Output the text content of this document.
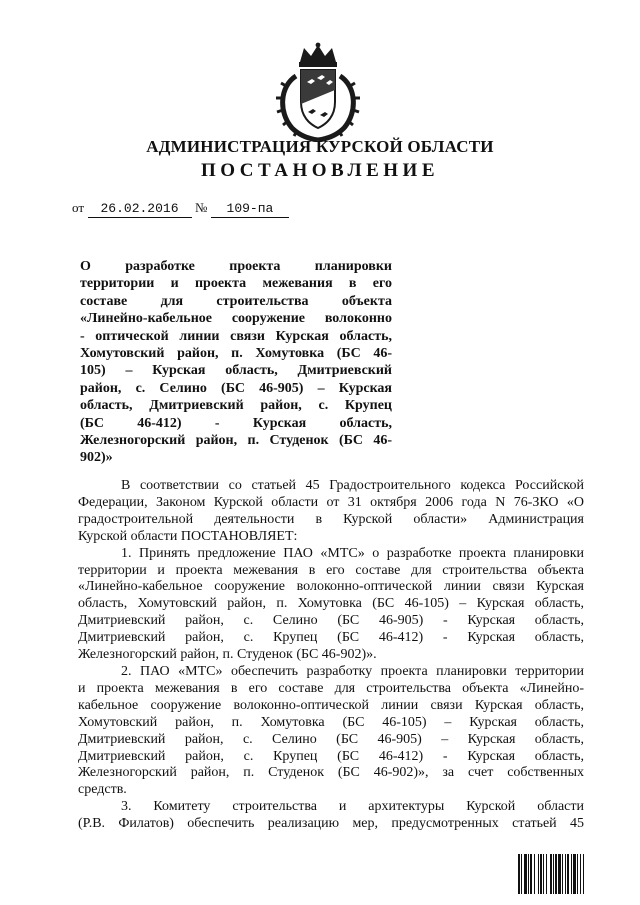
АДМИНИСТРАЦИЯ КУРСКОЙ ОБЛАСТИ
ПОСТАНОВЛЕНИЕ
от 26.02.2016 № 109-па
О разработке проекта планировки
территории и проекта межевания в его
составе для строительства объекта
«Линейно-кабельное сооружение волоконно
- оптической линии связи Курская область,
Хомутовский район, п. Хомутовка (БС 46-
105) – Курская область, Дмитриевский
район, с. Селино (БС 46-905) – Курская
область, Дмитриевский район, с. Крупец
(БС 46-412) - Курская область,
Железногорский район, п. Студенок (БС 46-
902)»
В соответствии со статьей 45 Градостроительного кодекса Российской
Федерации, Законом Курской области от 31 октября 2006 года N 76-ЗКО «О
градостроительной деятельности в Курской области» Администрация
Курской области ПОСТАНОВЛЯЕТ:
1. Принять предложение ПАО «МТС» о разработке проекта планировки
территории и проекта межевания в его составе для строительства объекта
«Линейно-кабельное сооружение волоконно-оптической линии связи Курская
область, Хомутовский район, п. Хомутовка (БС 46-105) – Курская область,
Дмитриевский район, с. Селино (БС 46-905) - Курская область,
Дмитриевский район, с. Крупец (БС 46-412) - Курская область,
Железногорский район, п. Студенок (БС 46-902)».
2. ПАО «МТС» обеспечить разработку проекта планировки территории
и проекта межевания в его составе для строительства объекта «Линейно-
кабельное сооружение волоконно-оптической линии связи Курская область,
Хомутовский район, п. Хомутовка (БС 46-105) – Курская область,
Дмитриевский район, с. Селино (БС 46-905) – Курская область,
Дмитриевский район, с. Крупец (БС 46-412) - Курская область,
Железногорский район, п. Студенок (БС 46-902)», за счет собственных
средств.
3. Комитету строительства и архитектуры Курской области
(Р.В. Филатов) обеспечить реализацию мер, предусмотренных статьей 45
